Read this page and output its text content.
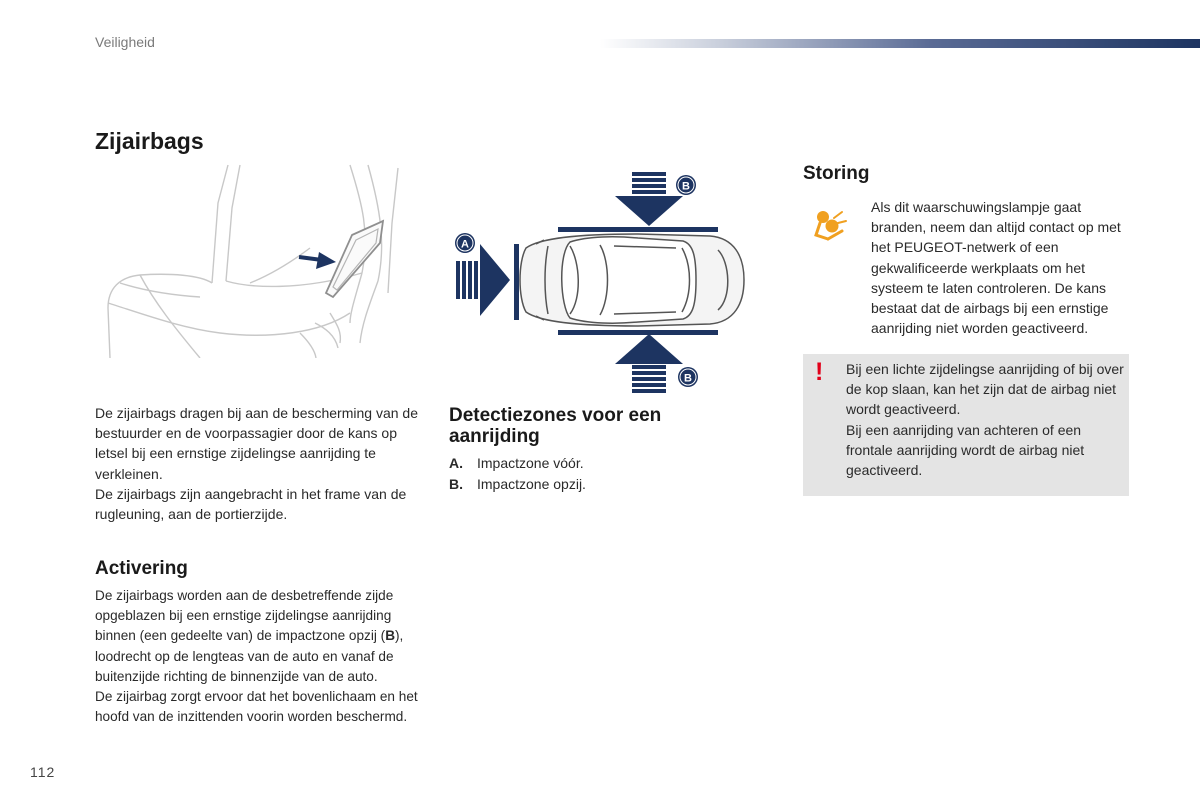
Veiligheid
Zijairbags
A
B
B

De zijairbags dragen bij aan de bescherming van de bestuurder en de voorpassagier door de kans op letsel bij een ernstige zijdelingse aanrijding te verkleinen.

De zijairbags zijn aangebracht in het frame van de rugleuning, aan de portierzijde.

Activering

De zijairbags worden aan de desbetreffende zijde opgeblazen bij een ernstige zijdelingse aanrijding binnen (een gedeelte van) de impactzone opzij (B), loodrecht op de lengteas van de auto en vanaf de buitenzijde richting de binnenzijde van de auto.

De zijairbag zorgt ervoor dat het bovenlichaam en het hoofd van de inzittenden voorin worden beschermd.

Detectiezones voor een aanrijding
A.	Impactzone vóór.
B.	Impactzone opzij.
Storing
Als dit waarschuwingslampje gaat branden, neem dan altijd contact op met het PEUGEOT-netwerk of een gekwalificeerde werkplaats om het systeem te laten controleren. De kans bestaat dat de airbags bij een ernstige aanrijding niet worden geactiveerd.
!	Bij een lichte zijdelingse aanrijding of bij over de kop slaan, kan het zijn dat de airbag niet wordt geactiveerd.

Bij een aanrijding van achteren of een frontale aanrijding wordt de airbag niet geactiveerd.

112
